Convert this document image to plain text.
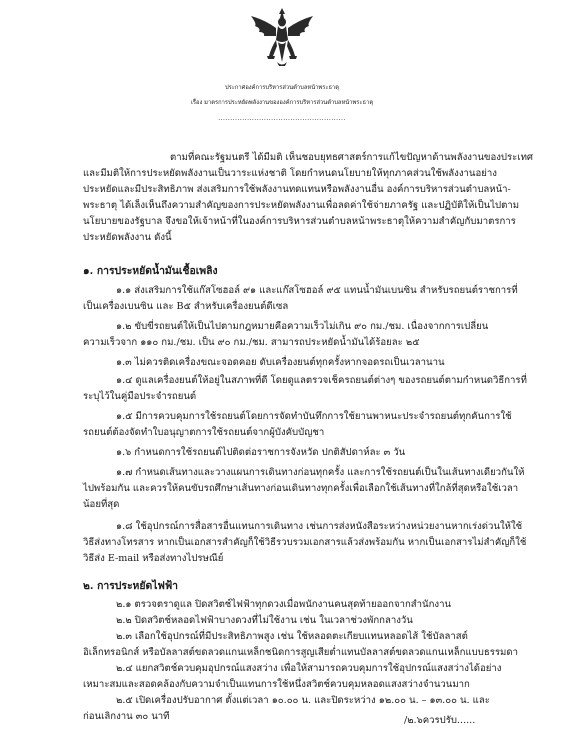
ประกาศองค์การบริหารส่วนตำบลหน้าพระธาตุ

เรื่อง มาตรการประหยัดพลังงานขององค์การบริหารส่วนตำบลหน้าพระธาตุ

.....................................................

ตามที่คณะรัฐมนตรี ได้มีมติ เห็นชอบยุทธศาสตร์การแก้ไขปัญหาด้านพลังงานของประเทศ

และมีมติให้การประหยัดพลังงานเป็นวาระแห่งชาติ โดยกำหนดนโยบายให้ทุกภาคส่วนใช้พลังงานอย่าง

ประหยัดและมีประสิทธิภาพ ส่งเสริมการใช้พลังงานทดแทนหรือพลังงานอื่น องค์การบริหารส่วนตำบลหน้า-

พระธาตุ ได้เล็งเห็นถึงความสำคัญของการประหยัดพลังงานเพื่อลดค่าใช้จ่ายภาครัฐ และปฏิบัติให้เป็นไปตาม

นโยบายของรัฐบาล จึงขอให้เจ้าหน้าที่ในองค์การบริหารส่วนตำบลหน้าพระธาตุให้ความสำคัญกับมาตรการ

ประหยัดพลังงาน ดังนี้

๑. การประหยัดน้ำมันเชื้อเพลิง

๑.๑ ส่งเสริมการใช้แก๊สโซฮอล์ ๙๑ และแก๊สโซฮอล์ ๙๕ แทนน้ำมันเบนซิน สำหรับรถยนต์ราชการที่

เป็นเครื่องเบนซิน และ B๕ สำหรับเครื่องยนต์ดีเซล

๑.๒ ขับขี่รถยนต์ให้เป็นไปตามกฎหมายคือความเร็วไม่เกิน ๙๐ กม./ชม. เนื่องจากการเปลี่ยน

ความเร็วจาก ๑๑๐ กม./ชม. เป็น ๙๐ กม./ชม. สามารถประหยัดน้ำมันได้ร้อยละ ๒๕

๑.๓ ไม่ควรติดเครื่องขณะจอดคอย ดับเครื่องยนต์ทุกครั้งหากจอดรถเป็นเวลานาน

๑.๔ ดูแลเครื่องยนต์ให้อยู่ในสภาพที่ดี โดยดูแลตรวจเช็ครถยนต์ต่างๆ ของรถยนต์ตามกำหนดวิธีการที่

ระบุไว้ในคู่มือประจำรถยนต์

๑.๕ มีการควบคุมการใช้รถยนต์โดยการจัดทำบันทึกการใช้ยานพาหนะประจำรถยนต์ทุกคันการใช้

รถยนต์ต้องจัดทำใบอนุญาตการใช้รถยนต์จากผู้บังคับบัญชา

๑.๖ กำหนดการใช้รถยนต์ไปติดต่อราชการจังหวัด ปกติสัปดาห์ละ ๓ วัน

๑.๗ กำหนดเส้นทางและวางแผนการเดินทางก่อนทุกครั้ง และการใช้รถยนต์เป็นในเส้นทางเดียวกันให้

ไปพร้อมกัน และควรให้คนขับรถศึกษาเส้นทางก่อนเดินทางทุกครั้งเพื่อเลือกใช้เส้นทางที่ใกล้ที่สุดหรือใช้เวลา

น้อยที่สุด

๑.๘ ใช้อุปกรณ์การสื่อสารอื่นแทนการเดินทาง เช่นการส่งหนังสือระหว่างหน่วยงานหากเร่งด่วนให้ใช้

วิธีส่งทางโทรสาร หากเป็นเอกสารสำคัญก็ใช้วิธีรวบรวมเอกสารแล้วส่งพร้อมกัน หากเป็นเอกสารไม่สำคัญก็ใช้

วิธีส่ง E-mail หรือส่งทางไปรษณีย์

๒. การประหยัดไฟฟ้า

๒.๑ ตรวจตราดูแล ปิดสวิตช์ไฟฟ้าทุกดวงเมื่อพนักงานคนสุดท้ายออกจากสำนักงาน

๒.๒ ปิดสวิตช์หลอดไฟฟ้าบางดวงที่ไม่ใช้งาน เช่น ในเวลาช่วงพักกลางวัน

๒.๓ เลือกใช้อุปกรณ์ที่มีประสิทธิภาพสูง เช่น ใช้หลอดตะเกียบแทนหลอดไส้ ใช้บัลลาสต์

อิเล็กทรอนิกส์ หรือบัลลาสต์ขดลวดแกนเหล็กชนิดการสูญเสียต่ำแทนบัลลาสต์ขดลวดแกนเหล็กแบบธรรมดา

๒.๔ แยกสวิตช์ควบคุมอุปกรณ์แสงสว่าง เพื่อให้สามารถควบคุมการใช้อุปกรณ์แสงสว่างได้อย่าง

เหมาะสมและสอดคล้องกับความจำเป็นแทนการใช้หนึ่งสวิตช์ควบคุมหลอดแสงสว่างจำนวนมาก

๒.๕ เปิดเครื่องปรับอากาศ ตั้งแต่เวลา ๑๐.๐๐ น. และปิดระหว่าง ๑๒.๐๐ น. – ๑๓.๐๐ น. และ

ก่อนเลิกงาน ๓๐ นาที	/๒.๖ควรปรับ......
